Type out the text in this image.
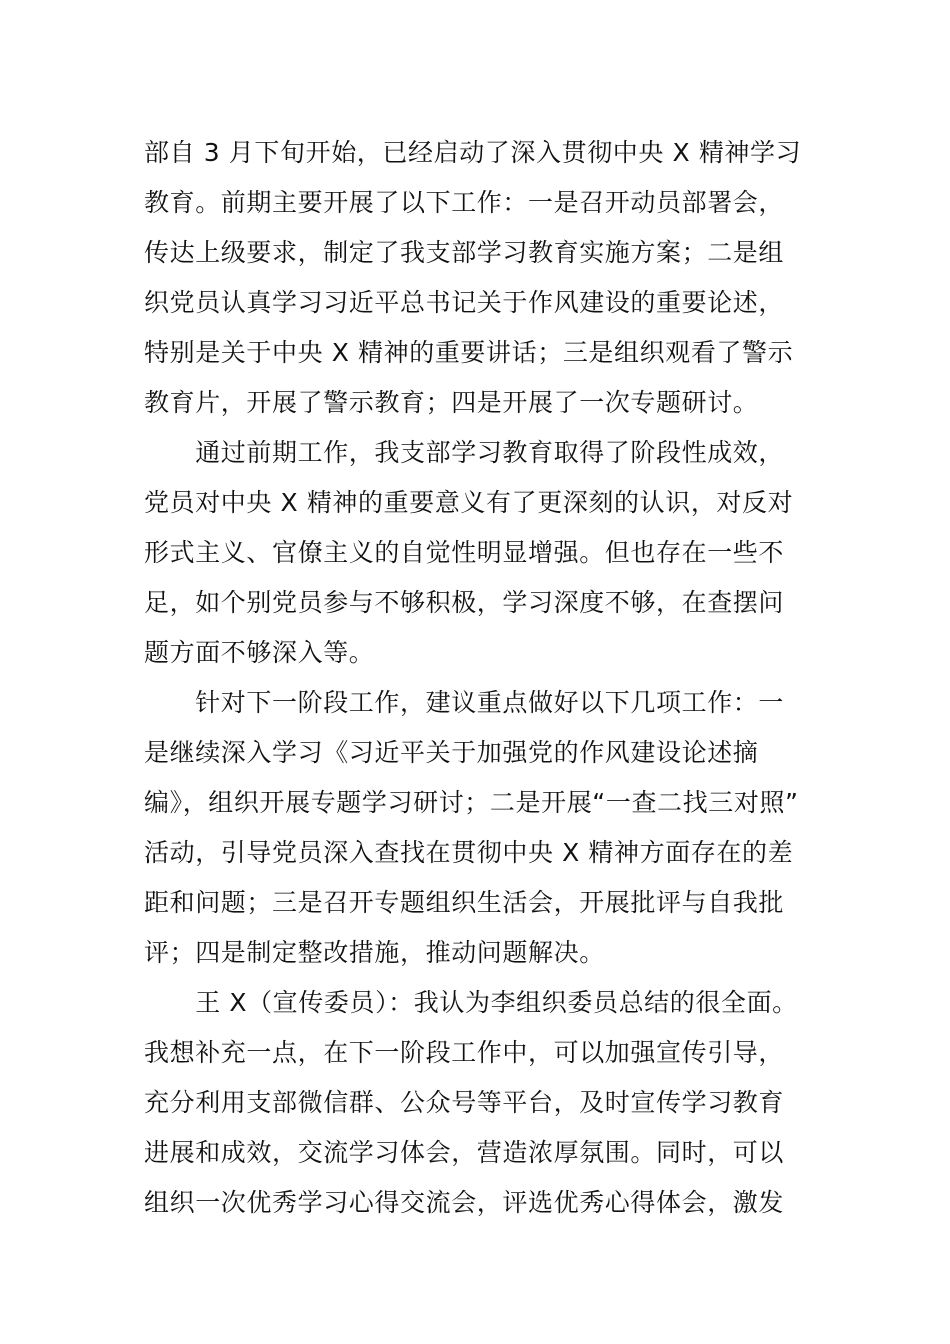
部自 3 月下旬开始，已经启动了深入贯彻中央 X 精神学习
教育。前期主要开展了以下工作：一是召开动员部署会，
传达上级要求，制定了我支部学习教育实施方案；二是组
织党员认真学习习近平总书记关于作风建设的重要论述，
特别是关于中央 X 精神的重要讲话；三是组织观看了警示
教育片，开展了警示教育；四是开展了一次专题研讨。
　　通过前期工作，我支部学习教育取得了阶段性成效，
党员对中央 X 精神的重要意义有了更深刻的认识，对反对
形式主义、官僚主义的自觉性明显增强。但也存在一些不
足，如个别党员参与不够积极，学习深度不够，在查摆问
题方面不够深入等。
　　针对下一阶段工作，建议重点做好以下几项工作：一
是继续深入学习《习近平关于加强党的作风建设论述摘
编》，组织开展专题学习研讨；二是开展“一查二找三对照”
活动，引导党员深入查找在贯彻中央 X 精神方面存在的差
距和问题；三是召开专题组织生活会，开展批评与自我批
评；四是制定整改措施，推动问题解决。
　　王 X（宣传委员）：我认为李组织委员总结的很全面。
我想补充一点，在下一阶段工作中，可以加强宣传引导，
充分利用支部微信群、公众号等平台，及时宣传学习教育
进展和成效，交流学习体会，营造浓厚氛围。同时，可以
组织一次优秀学习心得交流会，评选优秀心得体会，激发
